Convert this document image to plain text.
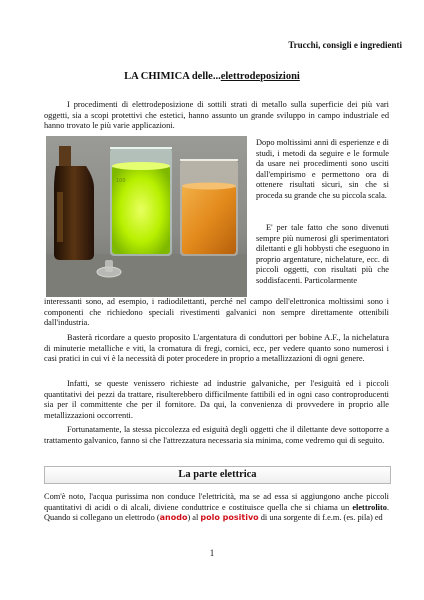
Trucchi, consigli e ingredienti
LA CHIMICA delle...elettrodeposizioni

I procedimenti di elettrodeposizione di sottili strati di metallo sulla superficie dei più vari oggetti, sia a scopi protettivi che estetici, hanno assunto un grande sviluppo in campo industriale ed hanno trovato le più varie applicazioni.

100

Dopo moltissimi anni di esperienze e di studi, i metodi da seguire e le formule da usare nei procedimenti sono usciti dall'empirismo e permettono ora di ottenere risultati sicuri, sin che si proceda su grande che su piccola scala.

E' per tale fatto che sono divenuti sempre più numerosi gli sperimentatori dilettanti e gli hobbysti che eseguono in proprio argentature, nichelature, ecc. di piccoli oggetti, con risultati più che soddisfacenti. Particolarmente

interessanti sono, ad esempio, i radiodilettanti, perché nel campo dell'elettronica moltissimi sono i componenti che richiedono speciali rivestimenti galvanici non sempre direttamente ottenibili dall'industria.

Basterà ricordare a questo proposito L'argentatura di conduttori per bobine A.F., la nichelatura di minuterie metalliche e viti, la cromatura di fregi, cornici, ecc, per vedere quanto sono numerosi i casi pratici in cui vi è la necessità di poter procedere in proprio a metallizzazioni di ogni genere.

Infatti, se queste venissero richieste ad industrie galvaniche, per l'esiguità ed i piccoli quantitativi dei pezzi da trattare, risulterebbero difficilmente fattibili ed in ogni caso controproducenti sia per il committente che per il fornitore. Da qui, la convenienza di provvedere in proprio alle metallizzazioni occorrenti.

Fortunatamente, la stessa piccolezza ed esiguità degli oggetti che il dilettante deve sottoporre a trattamento galvanico, fanno si che l'attrezzatura necessaria sia minima, come vedremo qui di seguito.

La parte elettrica

Com'è noto, l'acqua purissima non conduce l'elettricità, ma se ad essa si aggiungono anche piccoli quantitativi di acidi o di alcali, diviene conduttrice e costituisce quella che si chiama un elettrolito. Quando si collegano un elettrodo (anodo) al polo positivo di una sorgente di f.e.m. (es. pila) ed

1
